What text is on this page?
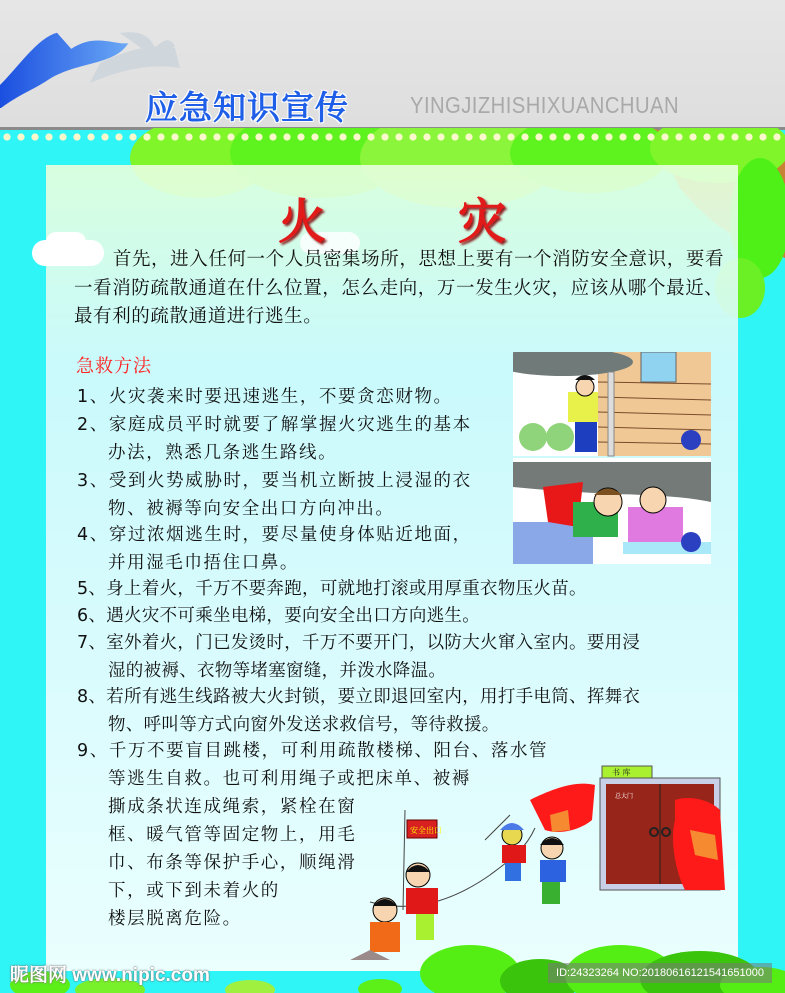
应急知识宣传	YINGJIZHISHIXUANCHUAN
火	灾
首先，进入任何一个人员密集场所，思想上要有一个消防安全意识，要看一看消防疏散通道在什么位置，怎么走向，万一发生火灾，应该从哪个最近、最有利的疏散通道进行逃生。
急救方法
1、火灾袭来时要迅速逃生，不要贪恋财物。
2、家庭成员平时就要了解掌握火灾逃生的基本
办法，熟悉几条逃生路线。
3、受到火势威胁时，要当机立断披上浸湿的衣
物、被褥等向安全出口方向冲出。
4、穿过浓烟逃生时，要尽量使身体贴近地面，
并用湿毛巾捂住口鼻。
5、身上着火，千万不要奔跑，可就地打滚或用厚重衣物压火苗。
6、遇火灾不可乘坐电梯，要向安全出口方向逃生。
7、室外着火，门已发烫时，千万不要开门，以防大火窜入室内。要用浸
湿的被褥、衣物等堵塞窗缝，并泼水降温。
8、若所有逃生线路被大火封锁，要立即退回室内，用打手电筒、挥舞衣
物、呼叫等方式向窗外发送求救信号，等待救援。
9、千万不要盲目跳楼，可利用疏散楼梯、阳台、落水管
等逃生自救。也可利用绳子或把床单、被褥
撕成条状连成绳索，紧栓在窗
框、暖气管等固定物上，用毛
巾、布条等保护手心，顺绳滑
下，或下到未着火的
楼层脱离危险。
安全出口
书 库
总大门
昵图网 www.nipic.com	ID:24323264 NO:20180616121541651000
